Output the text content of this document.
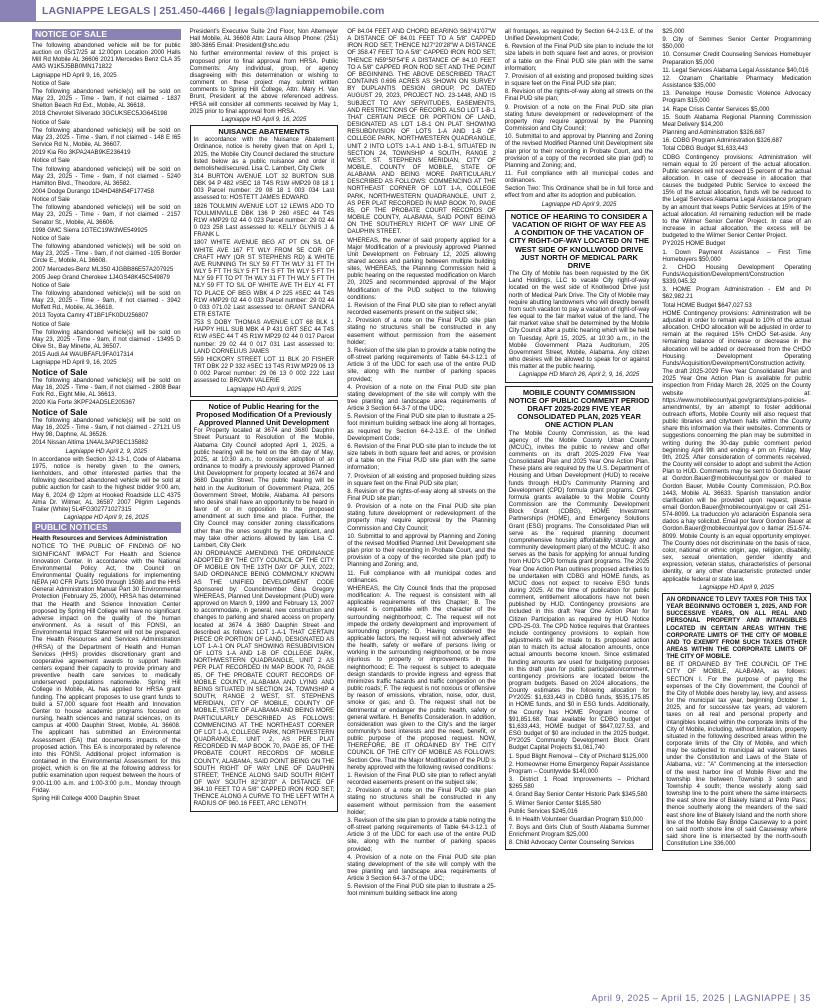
LAGNIAPPE LEGALS | 251.450-4466 | legals@lagniappemobile.com
NOTICE OF SALE

The following abandoned vehicle will be for public auction on 05/17/25 at 12:00pm Location 2000 Halls Mill Rd Mobile AL 36606 2021 Mercedes Benz CLA 35 AMG W1K5J5BB0MN171822

Lagniappe HD April 9, 16, 2025

Notice of Sale

The following abandoned vehicle(s) will be sold on May 23, 2025 - Time - 9am, if not claimed - 1837 Shelton Beach Rd Ext., Mobile, AL 36618.

2018 Chevrolet Silverado 3GCUKSEC5JG645198

Notice of Sale

The following abandoned vehicle(s) will be sold on May 23, 2025 - Time - 9am, if not claimed - 148 E I65 Service Rd N., Mobile, AL 36607.

2019 Kia Rio 3KPA24AB9KE236419

Notice of Sale

The following abandoned vehicle(s) will be sold on May 23, 2025 - Time - 9am, if not claimed - 5240 Hamilton Blvd., Theodore, AL 36582.

2004 Dodge Durango 1D4HD48N54F177458

Notice of Sale

The following abandoned vehicle(s) will be sold on May 23, 2025 - Time - 9am, if not claimed - 2157 Senator St., Mobile, AL 36606.

1998 GMC Sierra 1GTEC19W3WE549925

Notice of Sale

The following abandoned vehicle(s) will be sold on May 23, 2025 - Time - 9am, if not claimed -105 Border Circle E., Mobile, AL 36608.

2007 Mercedes-Benz ML350 4JGBB86E57A207925

2005 Jeep Grand Cherokee 1J4GS48K45C549879

Notice of Sale

The following abandoned vehicle(s) will be sold on May 23, 2025 - Time - 9am, if not claimed - 3942 Moffett Rd., Mobile, AL 36618.

2013 Toyota Camry 4T1BF1FK0DU256807

Notice of Sale

The following abandoned vehicle(s) will be sold on May 23, 2025 - Time - 9am, if not claimed - 13495 D Olive St., Bay Minette, AL 36507.

2015 Audi A4 WAUBFAFL9FA017314

Lagniappe HD April 9, 16, 2025

Notice of Sale

The following abandoned vehicle(s) will be sold on May 16, 2025 - Time - 9am, if not claimed - 2808 Bear Fork Rd., Eight Mile, AL 36613.

2020 Kia Forte 3KPF24AD5LE205367

Notice of Sale

The following abandoned vehicle(s) will be sold on May 16, 2025 - Time - 9am, if not claimed - 27121 US Hwy 98, Daphne, AL 36526.

2014 Nissan Altima 1N4AL3AP3EC135882

Lagniappe HD April 2, 9, 2025

In accordance with Section 32-13-1, Code of Alabama 1975, notice is hereby given to the owners, lienholders, and other interested parties that the following described abandoned vehicle will be sold at public auction for cash to the highest bidder 9:00 am, May 6, 2024 @ 12pm at Hooked Roadside LLC 4375 Alma Dr. Wilmer, AL 36587 2007 Pilgrim Legends Trailer (White) 5L4FG302771027315

Lagniappe HD April 9, 16, 2025

PUBLIC NOTICES

Health Resources and Services Administration

NOTICE TO THE PUBLIC OF FINDING OF NO SIGNIFICANT IMPACT For Health and Science Innovation Center. In accordance with the National Environmental Policy Act, the Council on Environmental Quality regulations for implementing NEPA (40 CFR Parts 1500 through 1508) and the HHS General Administration Manual Part 30 Environmental Protection (February 25, 2000), HRSA has determined that the Health and Science Innovation Center proposed by Spring Hill College will have no significant adverse impact on the quality of the human environment. As a result of this FONSI, an Environmental Impact Statement will not be prepared. The Health Resources and Services Administration (HRSA) of the Department of Health and Human Services (HHS) provides discretionary grant and cooperative agreement awards to support health centers expand their capacity to provide primary and preventive health care services to medically underserved populations nationwide. Spring Hill College in Mobile, AL has applied for HRSA grant funding. The applicant proposes to use grant funds to build a 57,000 square foot Health and Innovation Center to house academic programs focused on nursing, health sciences and natural sciences, on its campus at 4000 Dauphin Street, Mobile, AL 36608. The applicant has submitted an Environmental Assessment (EA) that documents impacts of the proposed action. This EA is incorporated by reference into this FONSI. Additional project information is contained in the Environmental Assessment for this project, which is on file at the following address for public examination upon request between the hours of 9:00-11:00 a.m. and 1:00-3:00 p.m., Monday through Friday.

Spring Hill College 4000 Dauphin Street

President's Executive Suite 2nd Floor, Non Altemeyer Hall Mobile, AL 36608 Attn: Laura Allsop Phone: (251) 380-3865 Email: President@shc.edu

No further environmental review of this project is proposed prior to final approval from HRSA. Public Comments: Any individual, group, or agency disagreeing with this determination or wishing to comment on these project may submit written comments to Spring Hill College, Attn: Mary H. Van Brunt, President at the above referenced address. HRSA will consider all comments received by May 1, 2025 prior to final approval from HRSA.

Lagniappe HD April 9, 16, 2025

NUISANCE ABATEMENTS

In accordance with the Nuisance Abatement Ordinance, notice is hereby given that on April 1, 2025, the Mobile City Council declared the structure listed below as a public nuisance and order it demolished/secured. Lisa C. Lambert, City Clerk

314 BURTON AVENUE LOT 32 BURTON SUB DBK 94 P 482 #SEC 18 T4S R1W #MP29 08 18 1 003 Parcel number: 29 08 18 1 003 034 Last assessed to: HOSTETT JAMES EDWARD

1826 TOULMIN AVENUE LOT 12 LEWIS ADD TO TOULMINVILLE DBK 136 P 260 #SEC 44 T4S R1W #MP29 02 44 0 023 Parcel number: 29 02 44 0 023 258 Last assessed to: KELLY GLYNIS J & FRANK L

1807 WHITE AVENUE BEG AT PT ON S/L OF WHITE AVE 167 FT WLY FROM SE COR OF CRAFT HWY (OR ST STEPHENS RD) & WHITE AVE RUNNING TH SLY 59 FT TH WLY 31 FT TH WLY 5 FT TH SLY 5 FT TH S FT TH WLY 5 FT TH NLY 59 FT TO PT TH WLY 31 FT TH WLY 5 FT TH NLY 59 FT TO S/L OF WHITE AVE TH ELY 41 FT TO PLACE OF BEG WBK 4 P 225 #SEC 44 T4S R1W #MP29 02 44 0 033 Parcel number: 29 02 44 0 033 071.02 Last assessed to: GRANT SANDRA ETR ESTATE

753 S DOBY THOMAS AVENUE LOT 68 BLK 1 HAPPY HILL SUB MBK 4 P 431 GRT SEC 44 T4S R1W #SEC 44 T 4S R1W MP29 02 44 0 017 Parcel number: 29 02 44 0 017 031 Last assessed to: LAND CORNELIUS JAMES

559 HICKORY STREET LOT 11 BLK 20 FISHER TRT DBK 22 P 332 #SEC 13 T4S R1W MP29 06 13 0 002 Parcel number: 29 06 13 0 002 222 Last assessed to: BROWN VALERIE

Lagniappe HD April 9, 2025

Notice of Public Hearing for the Proposed Modification Of a Previously Approved Planned Unit Development

For Property located at 3674 and 3680 Dauphin Street Pursuant to Resolution of the Mobile, Alabama City Council adopted April 1, 2025, a public hearing will be held on the 6th day of May, 2025, at 10:30 a.m., to consider adoption of an ordinance to modify a previously approved Planned Unit Development for property located at 3674 and 3680 Dauphin Street. The public hearing will be held in the Auditorium of Government Plaza, 205 Government Street, Mobile, Alabama. All persons who desire shall have an opportunity to be heard in favor of or in opposition to the proposed amendment at such time and place. Further, the City Council may consider zoning classifications other than the ones sought by the applicant, and may take other actions allowed by law. Lisa C. Lambert, City Clerk

AN ORDINANCE AMENDING THE ORDINANCE ADOPTED BY THE CITY COUNCIL OF THE CITY OF MOBILE ON THE 13TH DAY OF JULY, 2022, SAID ORDINANCE BEING COMMONLY KNOWN AS THE UNIFIED DEVELOPMENT CODE Sponsored by: Councilmember Gina Gregory WHEREAS, Planned Unit Development (PUD) were approved on March 9, 1999 and February 13, 2007 to accommodate, in general, new construction and changes to parking and shared access on property located at 3674 & 3680 Dauphin Street and described as follows: LOT 1-A-1 THAT CERTAIN PIECE OR PORTION OF LAND, DESIGNATED AS LOT 1-A-1 ON PLAT SHOWING RESUBDIVISION OF LOTS 1-A AND 1-B OF COLLEGE PARK, NORTHWESTERN QUADRANGLE, UNIT 2 AS PER PLAT RECORDED IN MAP BOOK 70, PAGE 85, OF THE PROBATE COURT RECORDS OF MOBILE COUNTY, ALABAMA AND LYING AND BEING SITUATED IN SECTION 24, TOWNSHIP 4 SOUTH, RANGE 2 WEST, ST. STEPHENS MERIDIAN, CITY OF MOBILE, COUNTY OF MOBILE, STATE OF ALABAMA AND BEING MORE PARTICULARLY DESCRIBED AS FOLLOWS: COMMENCING AT THE NORTHEAST CORNER OF LOT 1-A, COLLEGE PARK, NORTHWESTERN QUADRANGLE, UNIT 2, AS PER PLAT RECORDED IN MAP BOOK 70, PAGE 85, OF THE PROBATE COURT RECORDS OF MOBILE COUNTY, ALABAMA, SAID POINT BEING ON THE SOUTH RIGHT OF WAY LINE OF DAUPHIN STREET; THENCE ALONG SAID SOUTH RIGHT OF WAY SOUTH 82°30'20" A DISTANCE OF 364.10 FEET TO A 5/8" CAPPED IRON ROD SET; THENCE ALONG A CURVE TO THE LEFT WITH A RADIUS OF 960.16 FEET, ARC LENGTH

OF 84.04 FEET AND CHORD BEARING S63°41'07"W A DISTANCE OF 84.01 FEET TO A 5/8" CAPPED IRON ROD SET; THENCE N27°20'28"W A DISTANCE OF 358.47 FEET TO A 5/8" CAPPED IRON ROD SET; THENCE N59°50'54"E A DISTANCE OF 84.10 FEET TO A 5/8" CAPPED IRON ROD SET AND THE POINT OF BEGINNING. THE ABOVE DESCRIBED TRACT CONTAINS 0.696 ACRES AS SHOWN ON SURVEY BY DUPLANTIS DESIGN GROUP, PC DATED AUGUST 29, 2023, PROJECT NO. 23-1448, AND IS SUBJECT TO ANY SERVITUDES, EASEMENTS, AND RESTRICTIONS OF RECORD. ALSO LOT 1-B-1 THAT CERTAIN PIECE OR PORTION OF LAND, DESIGNATED AS LOT 1-B-1 ON PLAT SHOWING RESUBDIVISION OF LOTS 1-A AND 1-B OF COLLEGE PARK, NORTHWESTERN QUADRANGLE, UNIT 2 INTO LOTS 1-A-1 AND 1-B-1, SITUATED IN SECTION 24, TOWNSHIP 4 SOUTH, RANGE 2 WEST, ST. STEPHENS MERIDIAN, CITY OF MOBILE, COUNTY OF MOBILE, STATE OF ALABAMA AND BEING MORE PARTICULARLY DESCRIBED AS FOLLOWS: COMMENCING AT THE NORTHEAST CORNER OF LOT 1-A, COLLEGE PARK, NORTHWESTERN QUADRANGLE, UNIT 2, AS PER PLAT RECORDED IN MAP BOOK 70, PAGE 85, OF THE PROBATE COURT RECORDS OF MOBILE COUNTY, ALABAMA, SAID POINT BEING ON THE SOUTHERLY RIGHT OF WAY LINE OF DAUPHIN STREET.

WHEREAS, the owner of said property applied for a Major Modification of a previously approved Planned Unit Development on February 12, 2025 allowing shared access and parking between multiple building sites, WHEREAS, the Planning Commission held a public hearing on the requested modification on March 20, 2025 and recommended approval of the Major Modification of the PUD subject to the following conditions:

1. Revision of the Final PUD site plan to reflect any/all recorded easements present on the subject site;

2. Provision of a note on the Final PUD site plan stating no structures shall be constructed in any easement without permission from the easement holder;

3. Revision of the site plan to provide a table noting the off-street parking requirements of Table 64-3-12.1 of Article 3 of the UDC for each use of the entire PUD site, along with the number of parking spaces provided;

4. Provision of a note on the Final PUD site plan stating development of the site will comply with the tree planting and landscape area requirements of Article 3 Section 64-3-7 of the UDC;

5. Revision of the Final PUD site plan to illustrate a 25-foot minimum building setback line along all frontages, as required by Section 64-2-13.E. of the Unified Development Code;

6. Revision of the Final PUD site plan to include the lot size labels in both square feet and acres, or provision of a table on the Final PUD site plan with the same information;

7. Provision of all existing and proposed building sizes in square feet on the Final PUD site plan;

8. Revision of the rights-of-way along all streets on the Final PUD site plan;

9. Provision of a note on the Final PUD site plan stating future development or redevelopment of the property may require approval by the Planning Commission and City Council;

10. Submittal to and approval by Planning and Zoning of the revised Modified Planned Unit Development site plan prior to their recording in Probate Court, and the provision of a copy of the recorded site plan (pdf) to Planning and Zoning; and,

11. Full compliance with all municipal codes and ordinances.

WHEREAS, the City Council finds that the proposed modification: A. The request is consistent with all applicable requirements of this Chapter; B. The request is compatible with the character of the surrounding neighborhood; C. The request will not impede the orderly development and improvement of surrounding property; D. Having considered the applicable factors, the request will not adversely affect the health, safety or welfare of persons living or working in the surrounding neighborhood, or be more injurious to property or improvements in the neighborhood; E. The request is subject to adequate design standards to provide ingress and egress that minimizes traffic hazards and traffic congestion on the public roads; F. The request is not noxious or offensive by reason of emissions, vibration, noise, odor, dust, smoke or gas; and G. The request shall not be detrimental or endanger the public health, safety or general welfare. H. Benefits Consideration. In addition, consideration was given to the City's and the larger community's best interests and the need, benefit, or public purpose of the proposed request. NOW, THEREFORE, BE IT ORDAINED BY THE CITY COUNCIL OF THE CITY OF MOBILE AS FOLLOWS: Section One. That the Major Modification of the PUD is hereby approved with the following revised conditions:

1. Revision of the Final PUD site plan to reflect any/all recorded easements present on the subject site;

2. Provision of a note on the Final PUD site plan stating no structures shall be constructed in any easement without permission from the easement holder;

3. Revision of the site plan to provide a table noting the off-street parking requirements of Table 64-3-12.1 of Article 3 of the UDC for each use of the entire PUD site, along with the number of parking spaces provided;

4. Provision of a note on the Final PUD site plan stating development of the site will comply with the tree planting and landscape area requirements of Article 3 Section 64-3-7 of the UDC;

5. Revision of the Final PUD site plan to illustrate a 25-foot minimum building setback line along

all frontages, as required by Section 64-2-13.E. of the Unified Development Code;

6. Revision of the Final PUD site plan to include the lot size labels in both square feet and acres, or provision of a table on the Final PUD site plan with the same information;

7. Provision of all existing and proposed building sizes in square feet on the Final PUD site plan;

8. Revision of the rights-of-way along all streets on the Final PUD site plan;

9. Provision of a note on the Final PUD site plan stating future development or redevelopment of the property may require approval by the Planning Commission and City Council;

10. Submittal to and approval by Planning and Zoning of the revised Modified Planned Unit Development site plan prior to their recording in Probate Court, and the provision of a copy of the recorded site plan (pdf) to Planning and Zoning; and,

11. Full compliance with all municipal codes and ordinances.

Section Two: This Ordinance shall be in full force and effect from and after its adoption and publication.

Lagniappe HD April 9, 2025

NOTICE OF HEARING TO CONSIDER A VACATION OF RIGHT OF WAY FEE AS A CONDITION OF THE VACATION OF CITY RIGHT-OF-WAY LOCATED ON THE WEST SIDE OF KNOLLWOOD DRIVE JUST NORTH OF MEDICAL PARK DRIVE

The City of Mobile has been requested by the GK Land Holdings, LLC to vacate City right-of-way located on the west side of Knollwood Drive just north of Medical Park Drive. The City of Mobile may require abutting landowners who will directly benefit from such vacation to pay a vacation of right-of-way fee equal to the fair market value of the land. The fair market value shall be determined by the Mobile City Council after a public hearing which will be held on Tuesday, April 15, 2025, at 10:30 a.m., in the Mobile Government Plaza Auditorium, 205 Government Street, Mobile, Alabama. Any citizen who desires will be allowed to speak for or against this matter at the public hearing.

Lagniappe HD March 26, April 2, 9, 16, 2025

MOBILE COUNTY COMMISSION NOTICE OF PUBLIC COMMENT PERIOD DRAFT 2025-2029 FIVE YEAR CONSOLIDATED PLAN, 2025 YEAR ONE ACTION PLAN

The Mobile County Commission, as the lead agency of the Mobile County Urban County (MCUC), invites the public to review and offer comments on its draft 2025-2029 Five Year Consolidated Plan and 2025 Year One Action Plan. These plans are required by the U.S. Department of Housing and Urban Development (HUD) to receive funds through HUD's Community Planning and Development (CPD) formula grant programs. CPD formula grants available to the Mobile County Commission are the Community Development Block Grant (CDBG), HOME Investment Partnerships (HOME), and Emergency Solutions Grant (ESG) programs. The Consolidated Plan will serve as the required planning document (comprehensive housing affordability strategy and community development plan) of the MCUC. It also serves as the basis for applying for annual funding from HUD's CPD formula grant programs. The 2025 Year One Action Plan outlines proposed activities to be undertaken with CDBG and HOME funds, as MCUC does not expect to receive ESG funds during 2025. At the time of publication for public comment, entitlement allocations have not been published by HUD. Contingency provisions are included in this draft Year One Action Plan for Citizen Participation as required by HUD Notice CPD-25-03. The CPD Notice requires that Grantees include contingency provisions to explain how adjustments will be made to its proposed action plan to match its actual allocation amounts, once actual amounts become known. Since estimated funding amounts are used for budgeting purposes in this draft plan for public participation/comment, contingency provisions are located below the program budgets. Based on 2024 allocations, the County estimates the following allocation for PY2025: $1,633,443 in CDBG funds, $535,175.85 in HOME funds, and $0 in ESG funds. Additionally, the County has HOME Program income of $91,851.68. Total available for CDBG budget of $1,633,443, HOME budget of $647,027.53, and ESG budget of $0 are included in the 2025 budget. PY2025 Community Development Block Grant Budget Capital Projects $1,061,740

1. Spud Blight Removal – City of Prichard $125,000

2. Homeowner Home Emergency Repair Assistance Program – Countywide $140,000

3. District 1 Road Improvements – Prichard $265,580

4. Grand Bay Senior Center Historic Park $345,580

5. Wilmer Senior Center $185,580

Public Services $245,016

6. In Health Volunteer Guardian Program $10,000

7. Boys and Girls Club of South Alabama Summer Enrichment Program $25,000

8. Child Advocacy Center Counseling Services

$25,000

9. City of Semmes Senior Center Programming $50,000

10. Consumer Credit Counseling Services Homebuyer Preparation $5,000

11. Legal Services Alabama Legal Assistance $40,016

12. Ozanam Charitable Pharmacy Medication Assistance $35,000

13. Penelope House Domestic Violence Advocacy Program $15,000

14. Rape Crisis Center Services $5,000

15. South Alabama Regional Planning Commission Meal Delivery $14,200

Planning and Administration $326,687

16. CDBG Program Administration $326,687

Total CDBG Budget $1,633,443

CDBG Contingency provisions: Administration will remain equal to 20 percent of the actual allocation. Public services will not exceed 15 percent of the actual allocation. In case of decrease in allocation that causes the budgeted Public Service to exceed the 15% of the actual allocation, funds will be reduced to the Legal Services Alabama Legal Assistance program by an amount that keeps Public Services at 15% of the actual allocation. All remaining reduction will be made to the Wilmer Senior Center Project. In case of an increase in actual allocation, the excess will be budgeted to the Wilmer Senior Center Project.

PY2025 HOME Budget

1. Down Payment Assistance – First Time Homebuyers $50,000

2. CHDO Housing Development Operating Funds/Acquisition/Development/Construction $339,045.32

3. HOME Program Administration - EM and PI $62,982.21

Total HOME Budget $647,027.53

HOME Contingency provisions: Administration will be adjusted in order to remain equal to 10% of the actual allocation. CHDO allocation will be adjusted in order to remain at the required 15% CHDO Set-aside. Any remaining balance of increase or decrease in the allocation will be added or decreased from the CHDO Housing Development Operating Funds/Acquisition/Development/Construction activity.

The draft 2025-2029 Five Year Consolidated Plan and 2025 Year One Action Plan is available for public inspection from Friday March 28, 2025 on the County website at: https://www.mobilecountyal.gov/grants/plans-policies-amendments/, by an attempt to foster additional outreach efforts, Mobile County will also request that public libraries and city/town halls within the County share this information via their websites. Comments or suggestions concerning the plan may be submitted in writing during the 30-day public comment period beginning April 9th and ending 4 pm on Friday, May 9th, 2025. After consideration of comments received, the County will consider to adopt and submit the Action Plan to HUD. Comments may be sent to Gordon Bauer at Gordon.Bauer@mobilecountyal.gov or mailed to Gordon Bauer, Mobile County Commission, P.O.Box 1443, Mobile AL 36633. Spanish translation and/or clarification will be provided upon request, please email Gordon.Bauer@mobilecountyal.gov or call 251-574-8099. La traduccion y/o aclaración Espanola sera dados a hay solicitud. Email por favor Gordon Bauer at Gordon.Bauer@mobilecountyal.gov o llamar 251-574-8099. Mobile County is an equal opportunity employer. The County does not discriminate on the basis of race, color, national or ethnic origin, age, religion, disability, sex, sexual orientation, gender identity and expression, veteran status, characteristics of personal identity, or any other characteristic protected under applicable federal or state law.

Lagniappe HD April 9, 2025

AN ORDINANCE TO LEVY TAXES FOR THIS TAX YEAR BEGINNING OCTOBER 1, 2025, AND FOR SUCCESSIVE YEARS, ON ALL REAL AND PERSONAL PROPERTY AND INTANGIBLES LOCATED IN CERTAIN AREAS WITHIN THE CORPORATE LIMITS OF THE CITY OF MOBILE AND TO EXEMPT FROM SUCH TAXES OTHER AREAS WITHIN THE CORPORATE LIMITS OF THE CITY OF MOBILE.

BE IT ORDAINED BY THE COUNCIL OF THE CITY OF MOBILE, ALABAMA, as follows: SECTION I. For the purpose of paying the expenses of the City Government, the Council of the City of Mobile does hereby lay, levy, and assess for the municipal tax year, beginning October 1, 2025, and for successive tax years, ad valorem taxes on all real and personal property and intangibles located within the corporate limits of the City of Mobile, including, without limitation, property situated in the following described areas within the corporate limits of the City of Mobile, and which may be subjected to municipal ad valorem taxes under the Constitution and Laws of the State of Alabama, viz.: "A" Commencing at the intersection of the west harbor line of Mobile River and the township line between Township 3 south and Township 4 south; thence westerly along said township line to the point where the same intersects the east shore line of Blakely Island at Pinto Pass; thence southerly along the meanders of the said east shore line of Blakely Island and the north shore line of the Mobile Bay Bridge Causeway to a point on said north shore line of said Causeway where said shore line is intersected by the north-south Constitution Line 336,000

April 9, 2025 – April 15, 2025 | LAGNIAPPE | 35
